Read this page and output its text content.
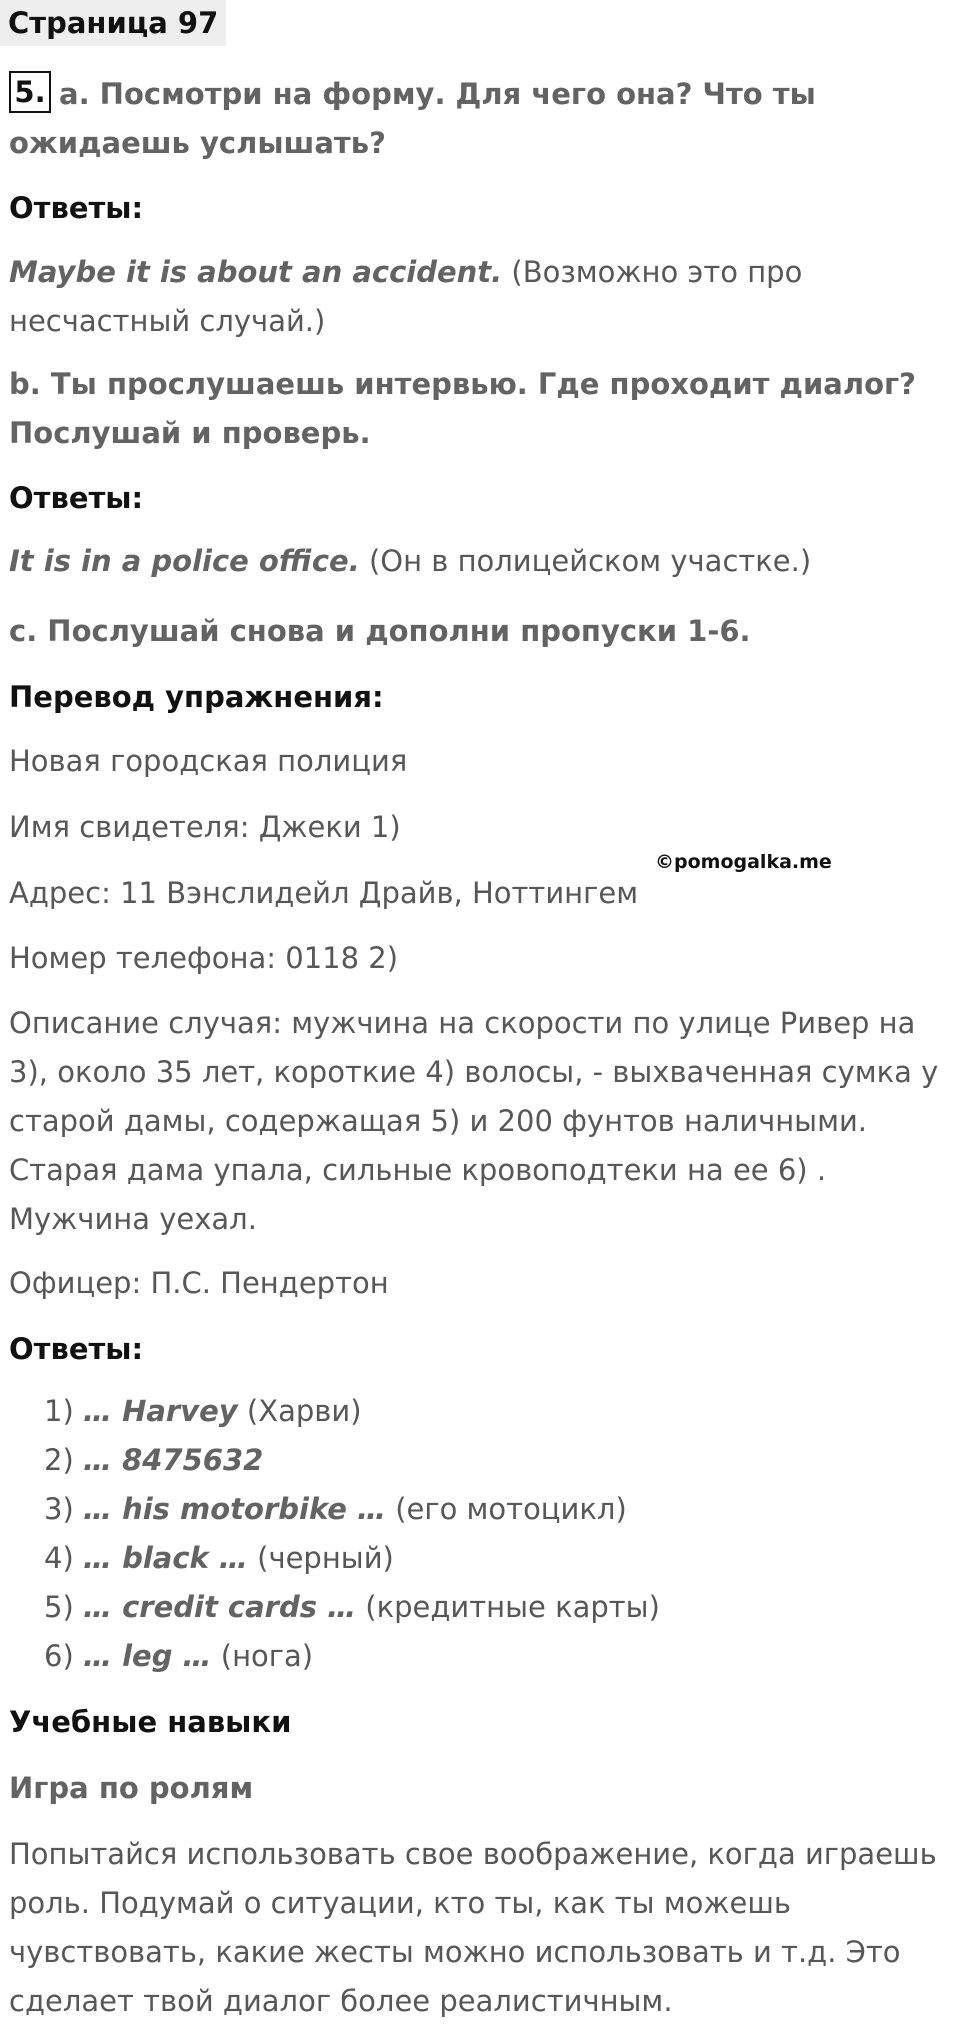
Страница 97

5. a. Посмотри на форму. Для чего она? Что ты ожидаешь услышать?

Ответы:

Maybe it is about an accident. (Возможно это про несчастный случай.)

b. Ты прослушаешь интервью. Где проходит диалог? Послушай и проверь.

Ответы:

It is in a police office. (Он в полицейском участке.)

c. Послушай снова и дополни пропуски 1-6.

Перевод упражнения:

Новая городская полиция

Имя свидетеля: Джеки 1)

Адрес: 11 Вэнслидейл Драйв, Ноттингем

©pomogalka.me

Номер телефона: 0118 2)

Описание случая: мужчина на скорости по улице Ривер на 3), около 35 лет, короткие 4) волосы, - выхваченная сумка у старой дамы, содержащая 5) и 200 фунтов наличными. Старая дама упала, сильные кровоподтеки на ее 6) . Мужчина уехал.

Офицер: П.С. Пендертон

Ответы:

1) … Harvey (Харви)
2) … 8475632
3) … his motorbike … (его мотоцикл)
4) … black … (черный)
5) … credit cards … (кредитные карты)
6) … leg … (нога)

Учебные навыки

Игра по ролям

Попытайся использовать свое воображение, когда играешь роль. Подумай о ситуации, кто ты, как ты можешь чувствовать, какие жесты можно использовать и т.д. Это сделает твой диалог более реалистичным.
